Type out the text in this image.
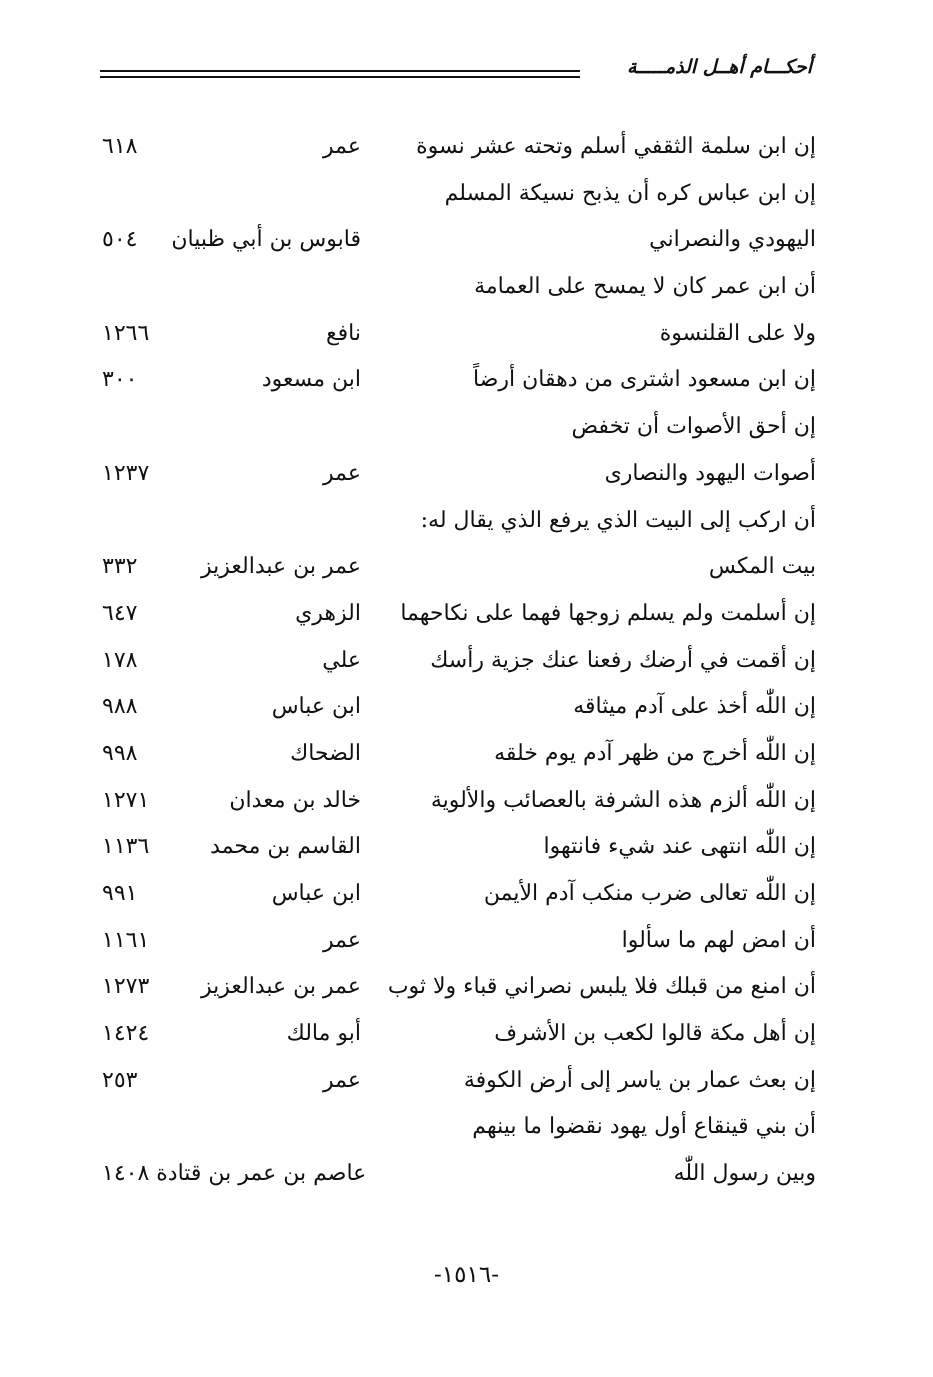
أحكـــام أهــل الذمـــــة
إن ابن سلمة الثقفي أسلم وتحته عشر نسوة
عمر
٦١٨
إن ابن عباس كره أن يذبح نسيكة المسلم
اليهودي والنصراني
قابوس بن أبي ظبيان
٥٠٤
أن ابن عمر كان لا يمسح على العمامة
ولا على القلنسوة
نافع
١٢٦٦
إن ابن مسعود اشترى من دهقان أرضاً
ابن مسعود
٣٠٠
إن أحق الأصوات أن تخفض
أصوات اليهود والنصارى
عمر
١٢٣٧
أن اركب إلى البيت الذي يرفع الذي يقال له:
بيت المكس
عمر بن عبدالعزيز
٣٣٢
إن أسلمت ولم يسلم زوجها فهما على نكاحهما
الزهري
٦٤٧
إن أقمت في أرضك رفعنا عنك جزية رأسك
علي
١٧٨
إن اللّٰه أخذ على آدم ميثاقه
ابن عباس
٩٨٨
إن اللّٰه أخرج من ظهر آدم يوم خلقه
الضحاك
٩٩٨
إن اللّٰه ألزم هذه الشرفة بالعصائب والألوية
خالد بن معدان
١٢٧١
إن اللّٰه انتهى عند شيء فانتهوا
القاسم بن محمد
١١٣٦
إن اللّٰه تعالى ضرب منكب آدم الأيمن
ابن عباس
٩٩١
أن امض لهم ما سألوا
عمر
١١٦١
أن امنع من قبلك فلا يلبس نصراني قباء ولا ثوب
عمر بن عبدالعزيز
١٢٧٣
إن أهل مكة قالوا لكعب بن الأشرف
أبو مالك
١٤٢٤
إن بعث عمار بن ياسر إلى أرض الكوفة
عمر
٢٥٣
أن بني قينقاع أول يهود نقضوا ما بينهم
وبين رسول اللّٰه
عاصم بن عمر بن قتادة ١٤٠٨
-١٥١٦-
